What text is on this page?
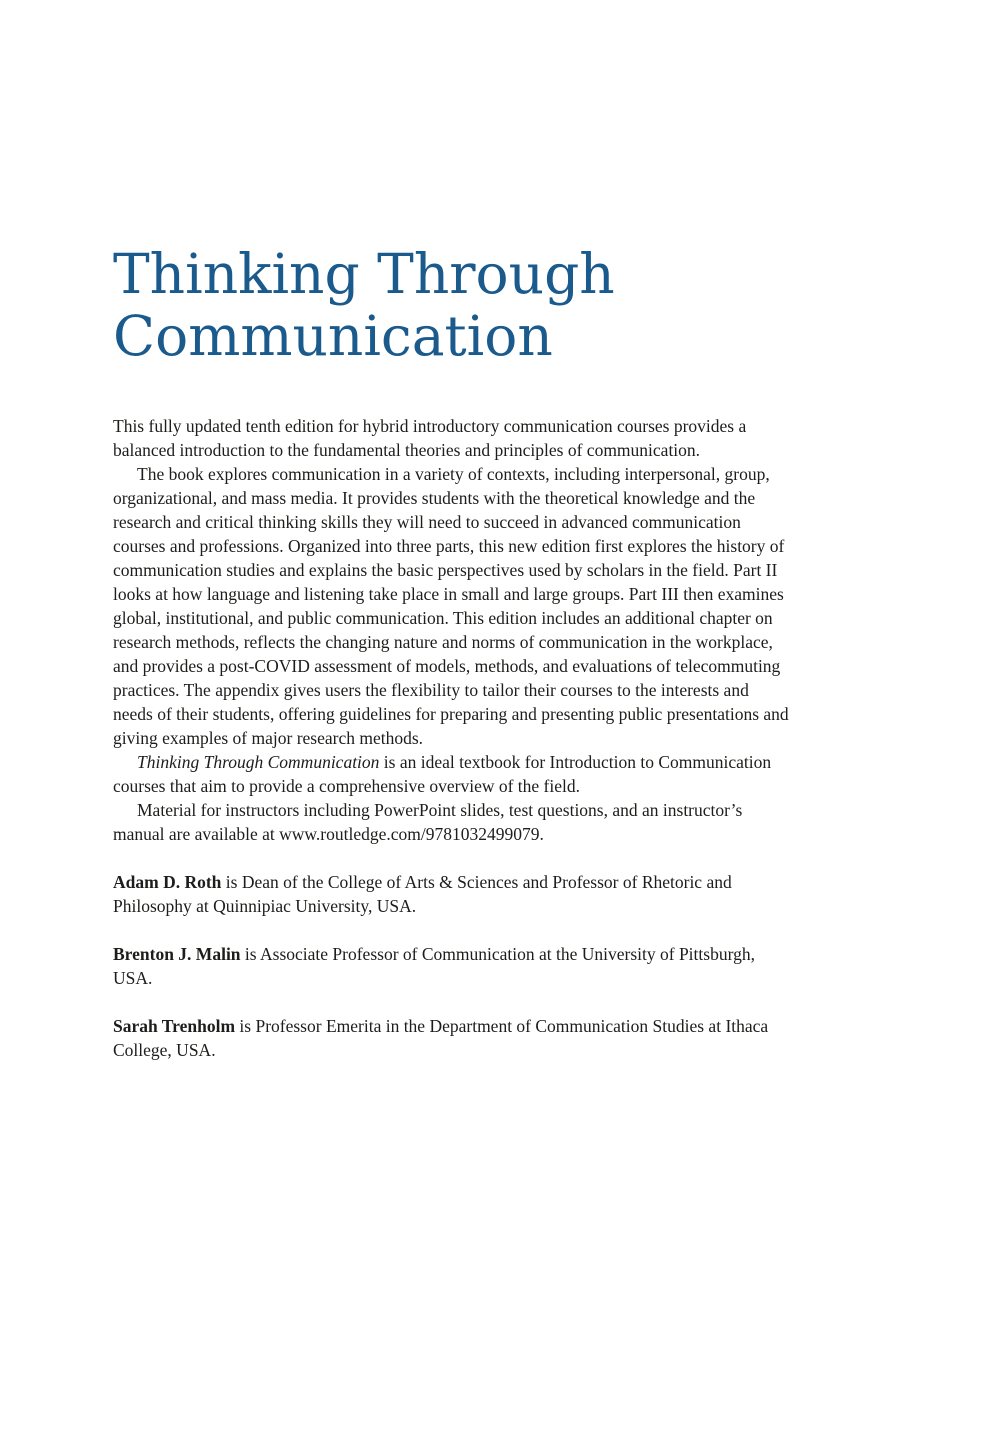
Thinking Through
Communication

This fully updated tenth edition for hybrid introductory communication courses provides a balanced introduction to the fundamental theories and principles of communication.

The book explores communication in a variety of contexts, including interpersonal, group, organizational, and mass media. It provides students with the theoretical knowledge and the research and critical thinking skills they will need to succeed in advanced communication courses and professions. Organized into three parts, this new edition first explores the history of communication studies and explains the basic perspectives used by scholars in the field. Part II looks at how language and listening take place in small and large groups. Part III then examines global, institutional, and public communication. This edition includes an additional chapter on research methods, reflects the changing nature and norms of communication in the workplace, and provides a post-COVID assessment of models, methods, and evaluations of telecommuting practices. The appendix gives users the flexibility to tailor their courses to the interests and needs of their students, offering guidelines for preparing and presenting public presentations and giving examples of major research methods.

Thinking Through Communication is an ideal textbook for Introduction to Communication courses that aim to provide a comprehensive overview of the field.

Material for instructors including PowerPoint slides, test questions, and an instructor’s manual are available at www.routledge.com/9781032499079.

Adam D. Roth is Dean of the College of Arts & Sciences and Professor of Rhetoric and Philosophy at Quinnipiac University, USA.

Brenton J. Malin is Associate Professor of Communication at the University of Pittsburgh, USA.

Sarah Trenholm is Professor Emerita in the Department of Communication Studies at Ithaca College, USA.
